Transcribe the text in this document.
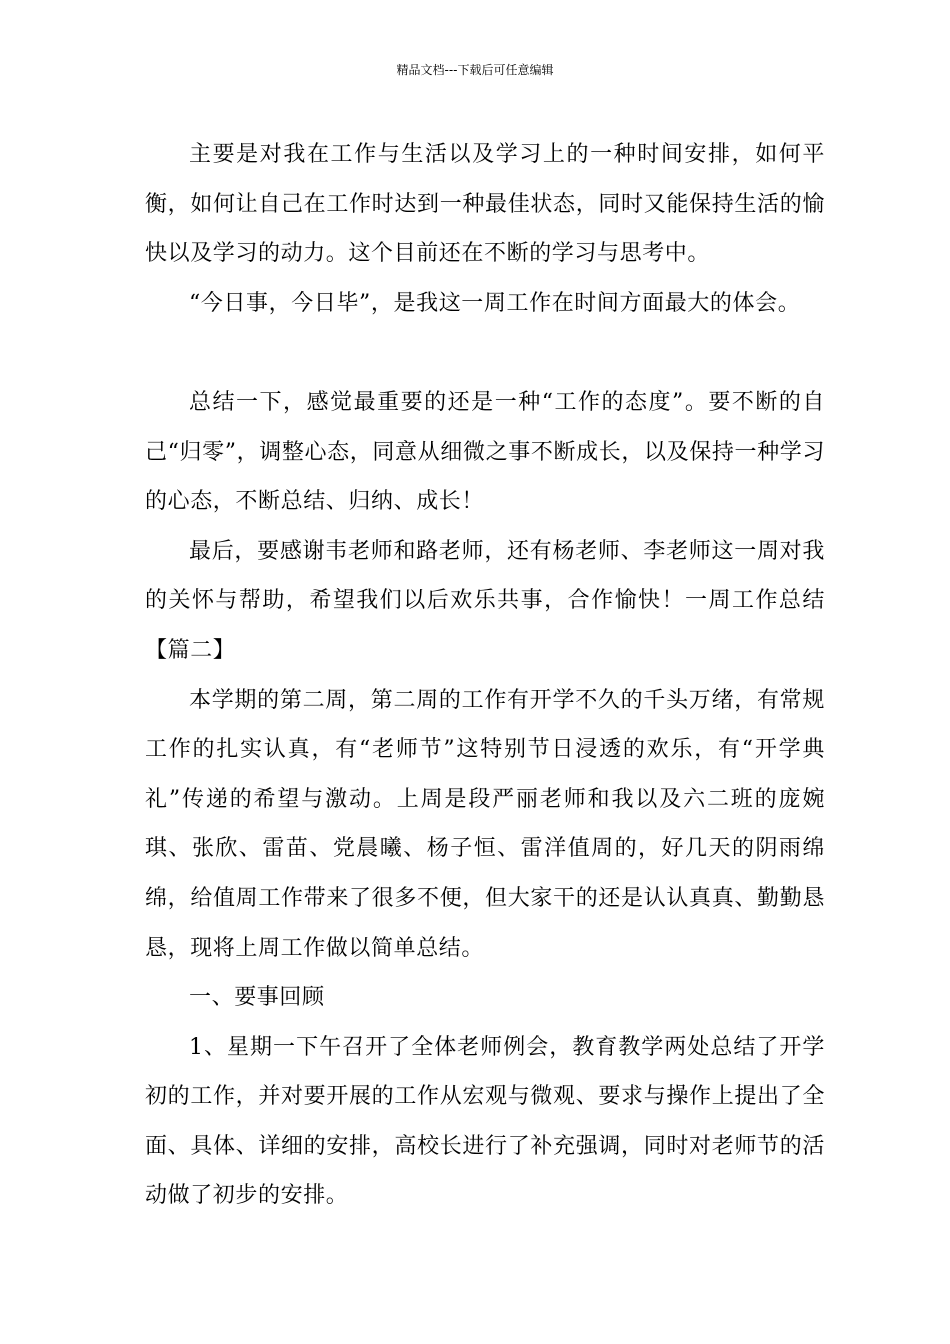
精品文档---下载后可任意编辑

主要是对我在工作与生活以及学习上的一种时间安排，如何平衡，如何让自己在工作时达到一种最佳状态，同时又能保持生活的愉快以及学习的动力。这个目前还在不断的学习与思考中。

“今日事，今日毕”，是我这一周工作在时间方面最大的体会。

总结一下，感觉最重要的还是一种“工作的态度”。要不断的自己“归零”，调整心态，同意从细微之事不断成长，以及保持一种学习的心态，不断总结、归纳、成长！

最后，要感谢韦老师和路老师，还有杨老师、李老师这一周对我的关怀与帮助，希望我们以后欢乐共事，合作愉快！一周工作总结【篇二】

本学期的第二周，第二周的工作有开学不久的千头万绪，有常规工作的扎实认真，有“老师节”这特别节日浸透的欢乐，有“开学典礼”传递的希望与激动。上周是段严丽老师和我以及六二班的庞婉琪、张欣、雷苗、党晨曦、杨子恒、雷洋值周的，好几天的阴雨绵绵，给值周工作带来了很多不便，但大家干的还是认认真真、勤勤恳恳，现将上周工作做以简单总结。

一、要事回顾

1、星期一下午召开了全体老师例会，教育教学两处总结了开学初的工作，并对要开展的工作从宏观与微观、要求与操作上提出了全面、具体、详细的安排，高校长进行了补充强调，同时对老师节的活动做了初步的安排。
